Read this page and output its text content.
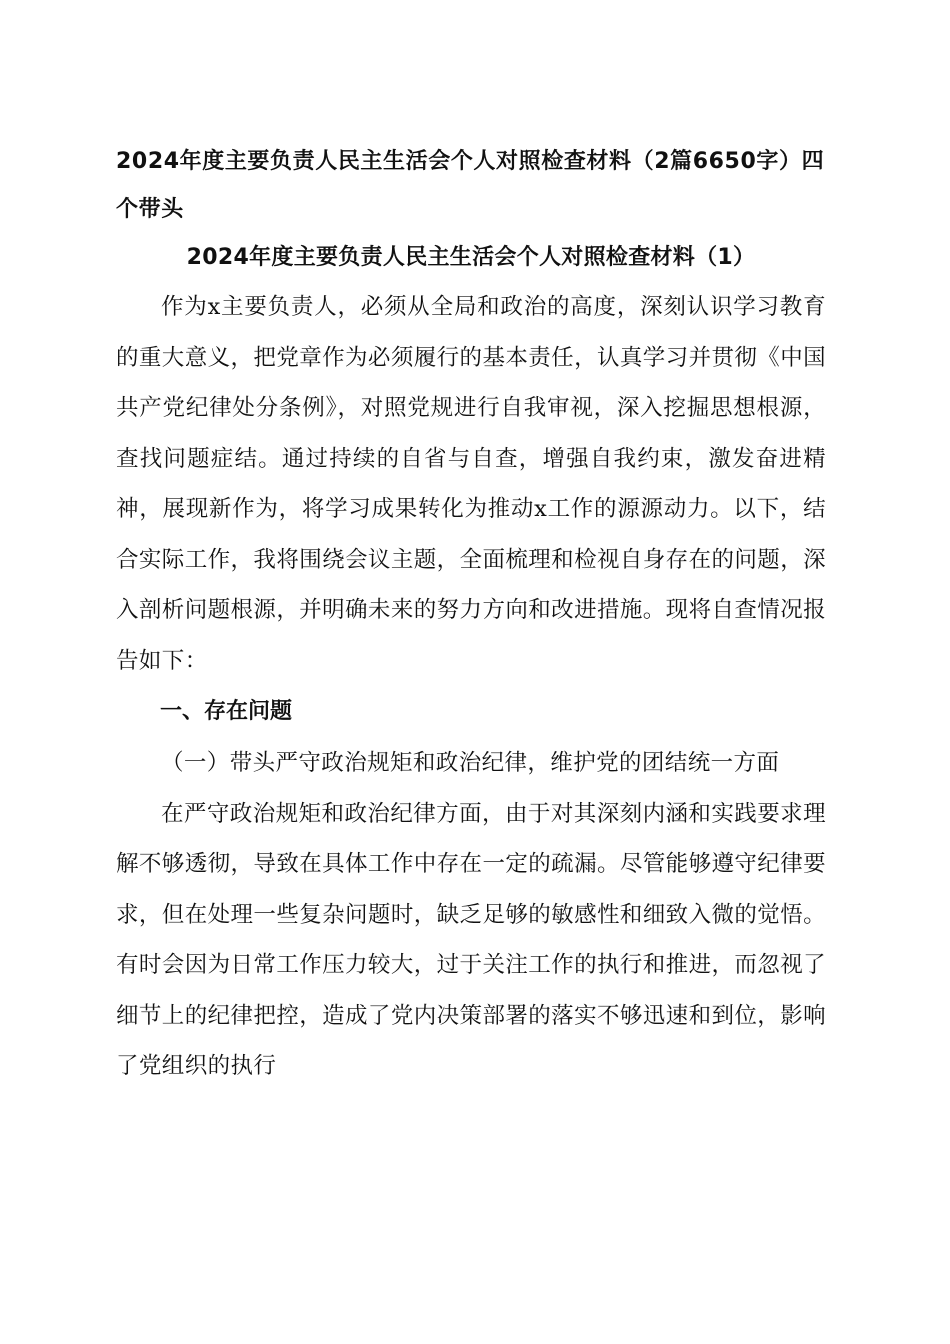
2024年度主要负责人民主生活会个人对照检查材料（2篇6650字）四个带头

2024年度主要负责人民主生活会个人对照检查材料（1）

作为x主要负责人，必须从全局和政治的高度，深刻认识学习教育的重大意义，把党章作为必须履行的基本责任，认真学习并贯彻《中国共产党纪律处分条例》，对照党规进行自我审视，深入挖掘思想根源，查找问题症结。通过持续的自省与自查，增强自我约束，激发奋进精神，展现新作为，将学习成果转化为推动x工作的源源动力。以下，结合实际工作，我将围绕会议主题，全面梳理和检视自身存在的问题，深入剖析问题根源，并明确未来的努力方向和改进措施。现将自查情况报告如下：

一、存在问题

（一）带头严守政治规矩和政治纪律，维护党的团结统一方面

在严守政治规矩和政治纪律方面，由于对其深刻内涵和实践要求理解不够透彻，导致在具体工作中存在一定的疏漏。尽管能够遵守纪律要求，但在处理一些复杂问题时，缺乏足够的敏感性和细致入微的觉悟。有时会因为日常工作压力较大，过于关注工作的执行和推进，而忽视了细节上的纪律把控，造成了党内决策部署的落实不够迅速和到位，影响了党组织的执行
